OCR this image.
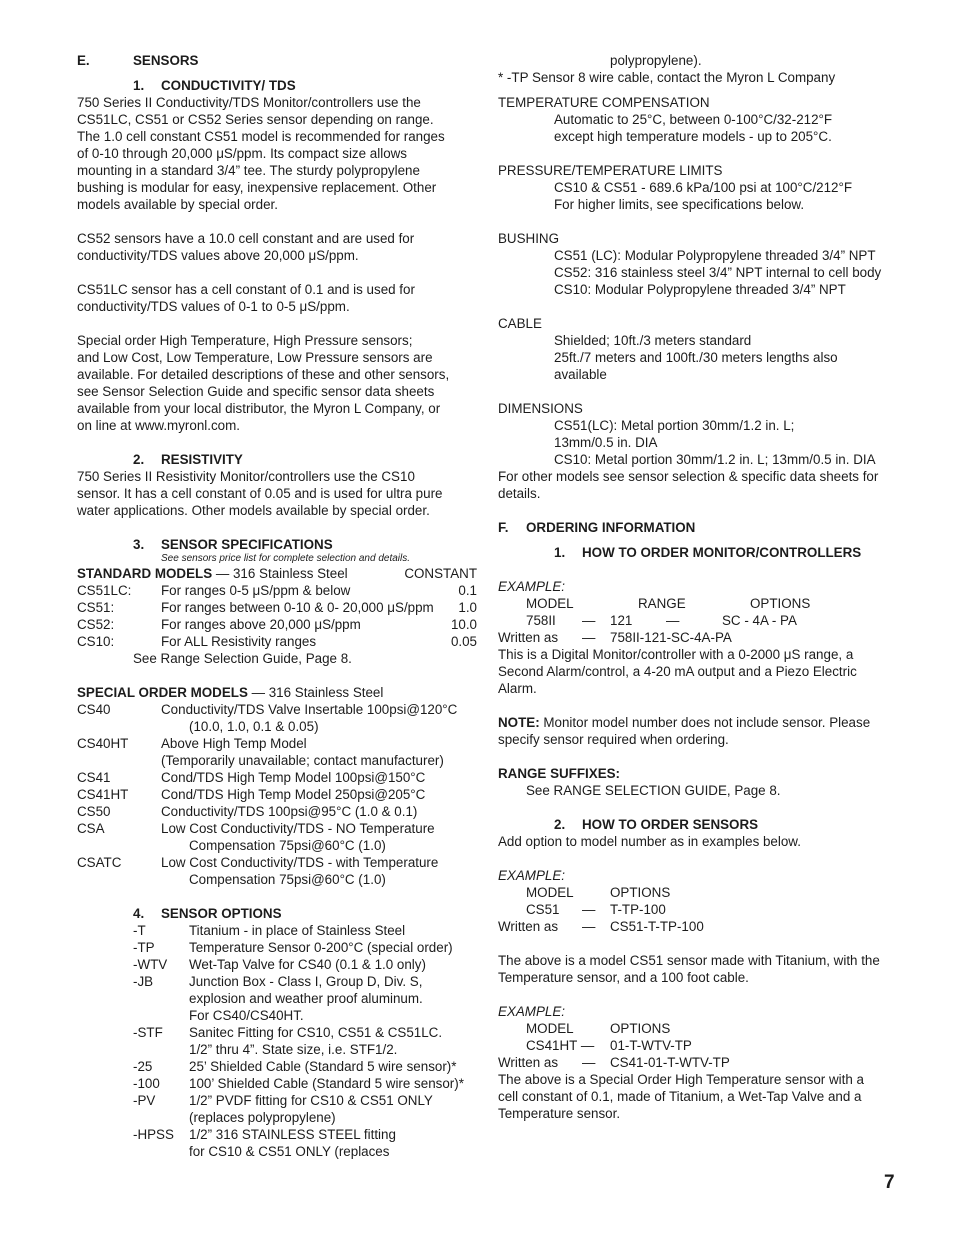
E.	SENSORS
1.	CONDUCTIVITY/ TDS

750 Series II Conductivity/TDS Monitor/controllers use the

CS51LC, CS51 or CS52 Series sensor depending on range.

The 1.0 cell constant CS51 model is recommended for ranges

of 0-10 through 20,000 μS/ppm. Its compact size allows

mounting in a standard 3/4” tee. The sturdy polypropylene

bushing is modular for easy, inexpensive replacement. Other

models available by special order.

CS52 sensors have a 10.0 cell constant and are used for

conductivity/TDS values above 20,000 μS/ppm.

CS51LC sensor has a cell constant of 0.1 and is used for

conductivity/TDS values of 0-1 to 0-5 μS/ppm.

Special order High Temperature, High Pressure sensors;

and Low Cost, Low Temperature, Low Pressure sensors are

available. For detailed descriptions of these and other sensors,

see Sensor Selection Guide and specific sensor data sheets

available from your local distributor, the Myron L Company, or

on line at www.myronl.com.

2.	RESISTIVITY

750 Series II Resistivity Monitor/controllers use the CS10

sensor. It has a cell constant of 0.05 and is used for ultra pure

water applications. Other models available by special order.

3.	SENSOR SPECIFICATIONS
See sensors price list for complete selection and details.
STANDARD MODELS — 316 Stainless Steel	CONSTANT
CS51LC:	For ranges 0-5 μS/ppm & below	0.1
CS51:	For ranges between 0-10 & 0- 20,000 μS/ppm	1.0
CS52:	For ranges above 20,000 μS/ppm	10.0
CS10:	For ALL Resistivity ranges	0.05

See Range Selection Guide, Page 8.

SPECIAL ORDER MODELS — 316 Stainless Steel
CS40	Conductivity/TDS Valve Insertable 100psi@120°C

(10.0, 1.0, 0.1 & 0.05)

CS40HT	Above High Temp Model

(Temporarily unavailable; contact manufacturer)

CS41	Cond/TDS High Temp Model 100psi@150°C
CS41HT	Cond/TDS High Temp Model 250psi@205°C
CS50	Conductivity/TDS 100psi@95°C (1.0 & 0.1)
CSA	Low Cost Conductivity/TDS - NO Temperature

Compensation 75psi@60°C (1.0)

CSATC	Low Cost Conductivity/TDS - with Temperature

Compensation 75psi@60°C (1.0)

4.	SENSOR OPTIONS
-T	Titanium - in place of Stainless Steel
-TP	Temperature Sensor 0-200°C (special order)
-WTV	Wet-Tap Valve for CS40 (0.1 & 1.0 only)
-JB	Junction Box - Class I, Group D, Div. S,

explosion and weather proof aluminum.

For CS40/CS40HT.

-STF	Sanitec Fitting for CS10, CS51 & CS51LC.

1/2” thru 4”. State size, i.e. STF1/2.

-25	25’ Shielded Cable (Standard 5 wire sensor)*
-100	100’ Shielded Cable (Standard 5 wire sensor)*
-PV	1/2” PVDF fitting for CS10 & CS51 ONLY

(replaces polypropylene)

-HPSS	1/2” 316 STAINLESS STEEL fitting

for CS10 & CS51 ONLY (replaces

polypropylene).

* -TP Sensor 8 wire cable, contact the Myron L Company

TEMPERATURE COMPENSATION

Automatic to 25°C, between 0-100°C/32-212°F

except high temperature models - up to 205°C.

PRESSURE/TEMPERATURE LIMITS

CS10 & CS51 - 689.6 kPa/100 psi at 100°C/212°F

For higher limits, see specifications below.

BUSHING

CS51 (LC): Modular Polypropylene threaded 3/4” NPT

CS52: 316 stainless steel 3/4” NPT internal to cell body

CS10: Modular Polypropylene threaded 3/4” NPT

CABLE

Shielded; 10ft./3 meters standard

25ft./7 meters and 100ft./30 meters lengths also

available

DIMENSIONS

CS51(LC): Metal portion 30mm/1.2 in. L;

13mm/0.5 in. DIA

CS10: Metal portion 30mm/1.2 in. L; 13mm/0.5 in. DIA

For other models see sensor selection & specific data sheets for

details.

F.	ORDERING INFORMATION
1.	HOW TO ORDER MONITOR/CONTROLLERS

EXAMPLE:

MODEL	RANGE	OPTIONS
758II	—	121	—	SC - 4A - PA
Written as	—	758II-121-SC-4A-PA

This is a Digital Monitor/controller with a 0-2000 μS range, a

Second Alarm/control, a 4-20 mA output and a Piezo Electric

Alarm.

NOTE: Monitor model number does not include sensor. Please

specify sensor required when ordering.

RANGE SUFFIXES:

See RANGE SELECTION GUIDE, Page 8.

2.	HOW TO ORDER SENSORS

Add option to model number as in examples below.

EXAMPLE:

MODEL	OPTIONS
CS51	—	T-TP-100
Written as	—	CS51-T-TP-100

The above is a model CS51 sensor made with Titanium, with the

Temperature sensor, and a 100 foot cable.

EXAMPLE:

MODEL	OPTIONS
CS41HT —	01-T-WTV-TP
Written as	—	CS41-01-T-WTV-TP

The above is a Special Order High Temperature sensor with a

cell constant of 0.1, made of Titanium, a Wet-Tap Valve and a

Temperature sensor.

7
